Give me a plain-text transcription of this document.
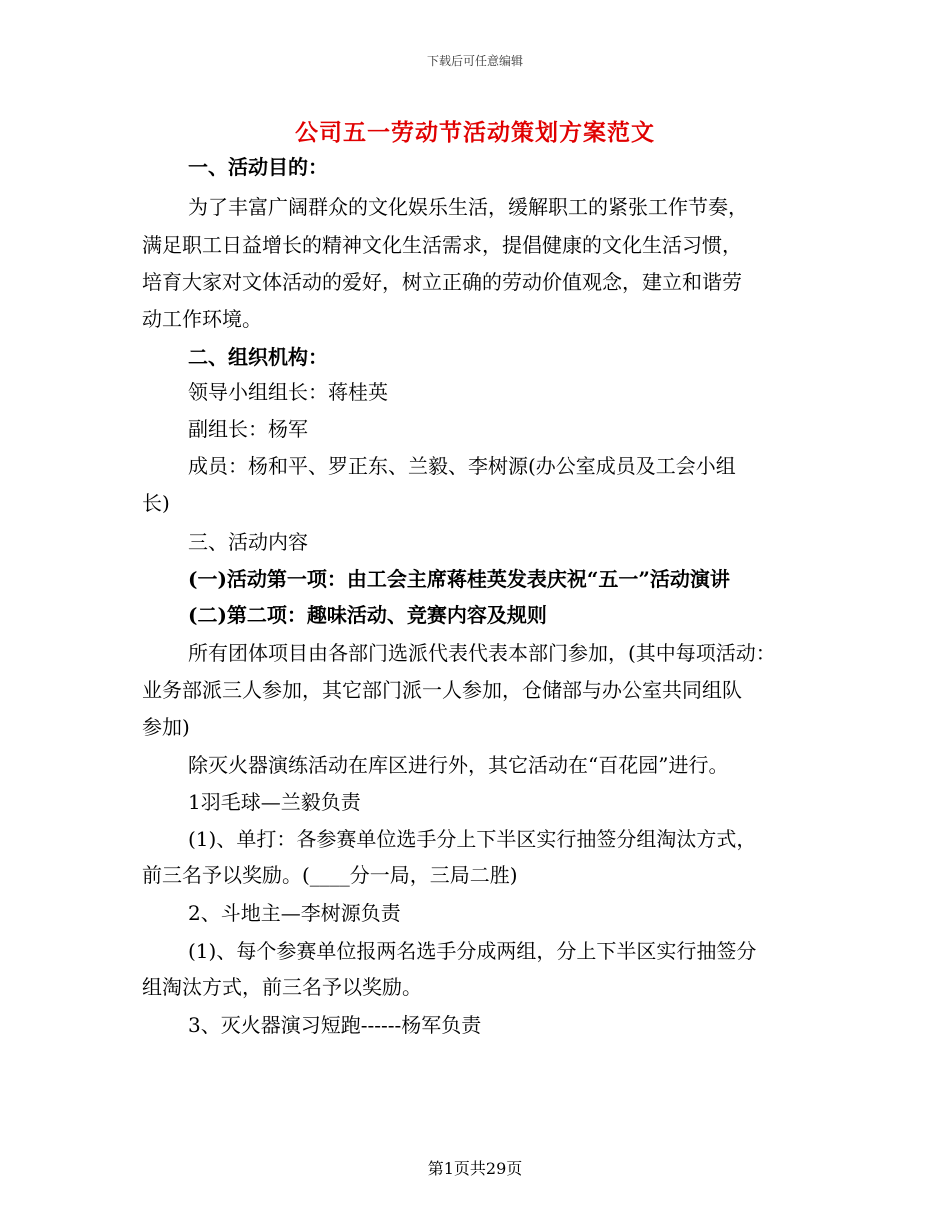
下载后可任意编辑
公司五一劳动节活动策划方案范文
一、活动目的：
为了丰富广阔群众的文化娱乐生活，缓解职工的紧张工作节奏，
满足职工日益增长的精神文化生活需求，提倡健康的文化生活习惯，
培育大家对文体活动的爱好，树立正确的劳动价值观念，建立和谐劳
动工作环境。
二、组织机构：
领导小组组长：蒋桂英
副组长：杨军
成员：杨和平、罗正东、兰毅、李树源(办公室成员及工会小组
长)
三、活动内容
(一)活动第一项：由工会主席蒋桂英发表庆祝“五一”活动演讲
(二)第二项：趣味活动、竞赛内容及规则
所有团体项目由各部门选派代表代表本部门参加，(其中每项活动：
业务部派三人参加，其它部门派一人参加，仓储部与办公室共同组队
参加)
除灭火器演练活动在库区进行外，其它活动在“百花园”进行。
1羽毛球—兰毅负责
(1)、单打：各参赛单位选手分上下半区实行抽签分组淘汰方式，
前三名予以奖励。(____分一局，三局二胜)
2、斗地主—李树源负责
(1)、每个参赛单位报两名选手分成两组，分上下半区实行抽签分
组淘汰方式，前三名予以奖励。
3、灭火器演习短跑------杨军负责
第1页共29页
